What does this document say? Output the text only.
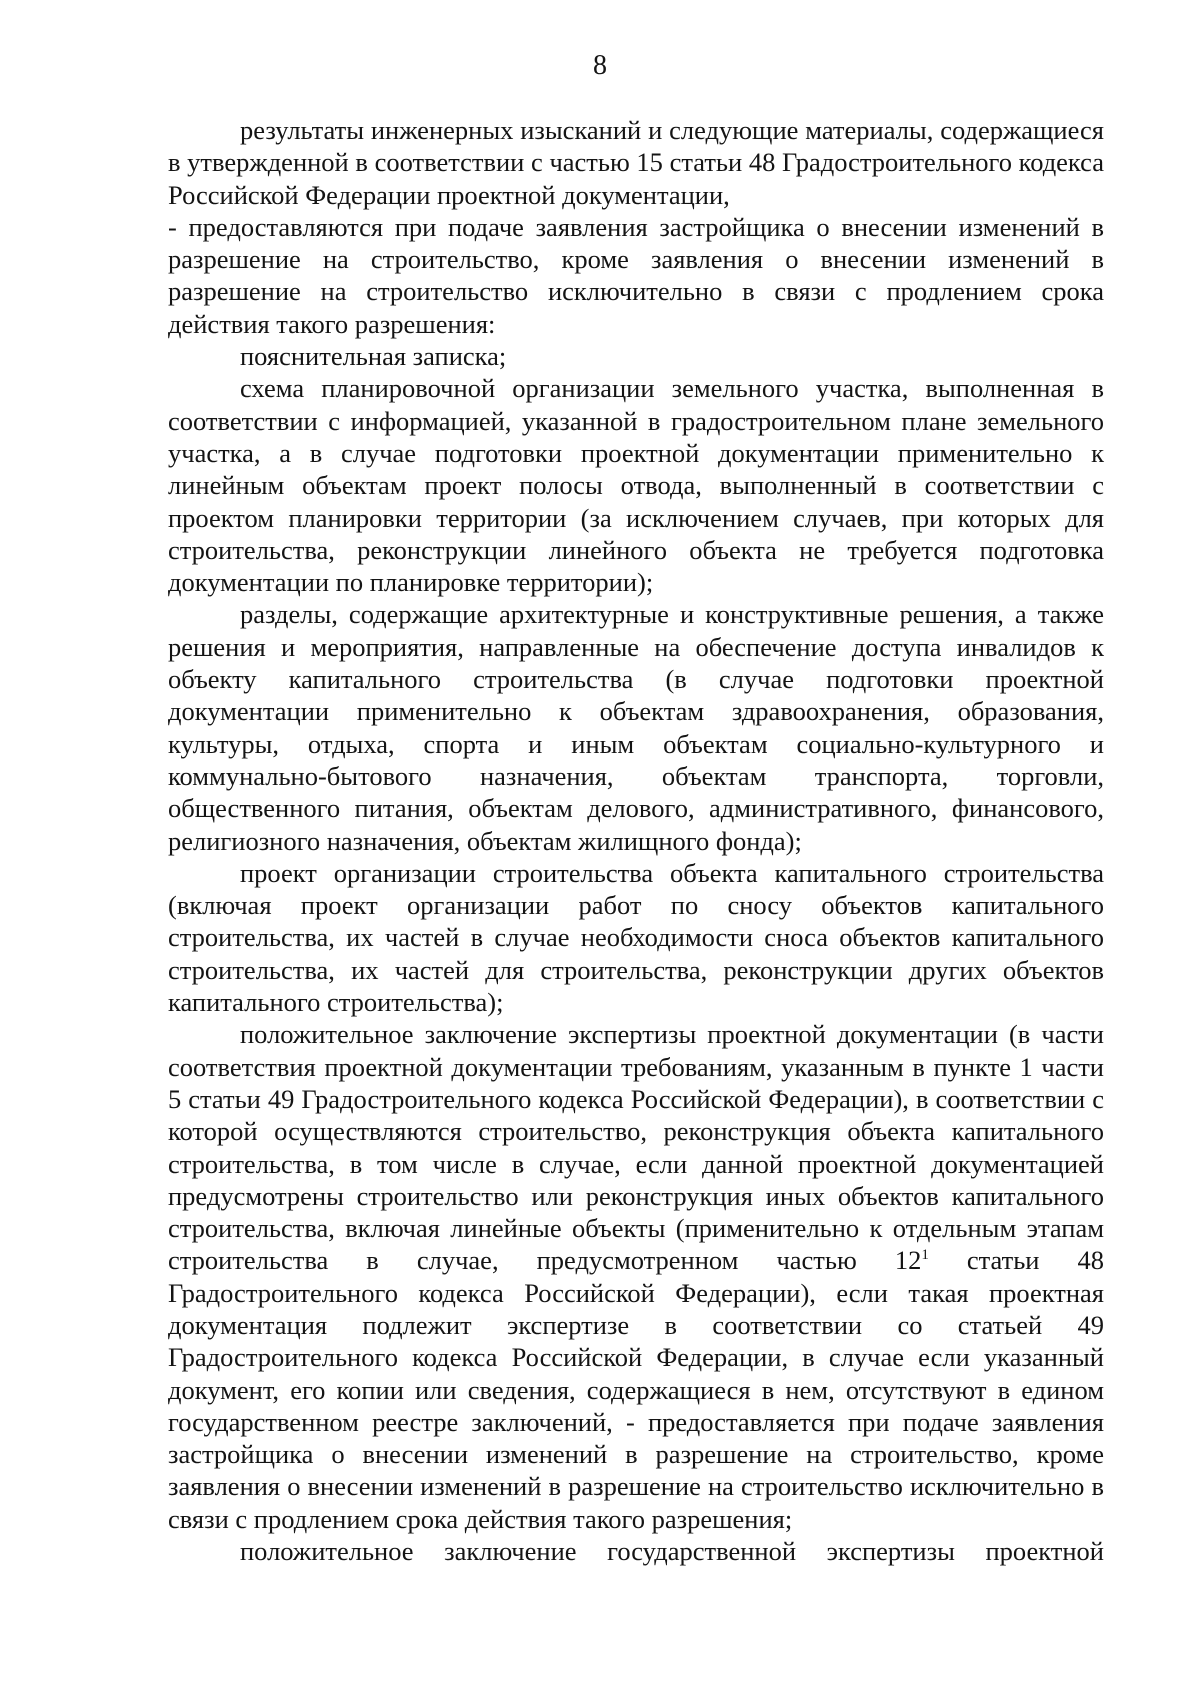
8

результаты инженерных изысканий и следующие материалы, содержащиеся в утвержденной в соответствии с частью 15 статьи 48 Градостроительного кодекса Российской Федерации проектной документации,

- предоставляются при подаче заявления застройщика о внесении изменений в разрешение на строительство, кроме заявления о внесении изменений в разрешение на строительство исключительно в связи с продлением срока действия такого разрешения:

пояснительная записка;

схема планировочной организации земельного участка, выполненная в соответствии с информацией, указанной в градостроительном плане земельного участка, а в случае подготовки проектной документации применительно к линейным объектам проект полосы отвода, выполненный в соответствии с проектом планировки территории (за исключением случаев, при которых для строительства, реконструкции линейного объекта не требуется подготовка документации по планировке территории);

разделы, содержащие архитектурные и конструктивные решения, а также решения и мероприятия, направленные на обеспечение доступа инвалидов к объекту капитального строительства (в случае подготовки проектной документации применительно к объектам здравоохранения, образования, культуры, отдыха, спорта и иным объектам социально-культурного и коммунально-бытового назначения, объектам транспорта, торговли, общественного питания, объектам делового, административного, финансового, религиозного назначения, объектам жилищного фонда);

проект организации строительства объекта капитального строительства (включая проект организации работ по сносу объектов капитального строительства, их частей в случае необходимости сноса объектов капитального строительства, их частей для строительства, реконструкции других объектов капитального строительства);

положительное заключение экспертизы проектной документации (в части соответствия проектной документации требованиям, указанным в пункте 1 части 5 статьи 49 Градостроительного кодекса Российской Федерации), в соответствии с которой осуществляются строительство, реконструкция объекта капитального строительства, в том числе в случае, если данной проектной документацией предусмотрены строительство или реконструкция иных объектов капитального строительства, включая линейные объекты (применительно к отдельным этапам строительства в случае, предусмотренном частью $12^1$ статьи 48 Градостроительного кодекса Российской Федерации), если такая проектная документация подлежит экспертизе в соответствии со статьей 49 Градостроительного кодекса Российской Федерации, в случае если указанный документ, его копии или сведения, содержащиеся в нем, отсутствуют в едином государственном реестре заключений, - предоставляется при подаче заявления застройщика о внесении изменений в разрешение на строительство, кроме заявления о внесении изменений в разрешение на строительство исключительно в связи с продлением срока действия такого разрешения;

положительное заключение государственной экспертизы проектной
